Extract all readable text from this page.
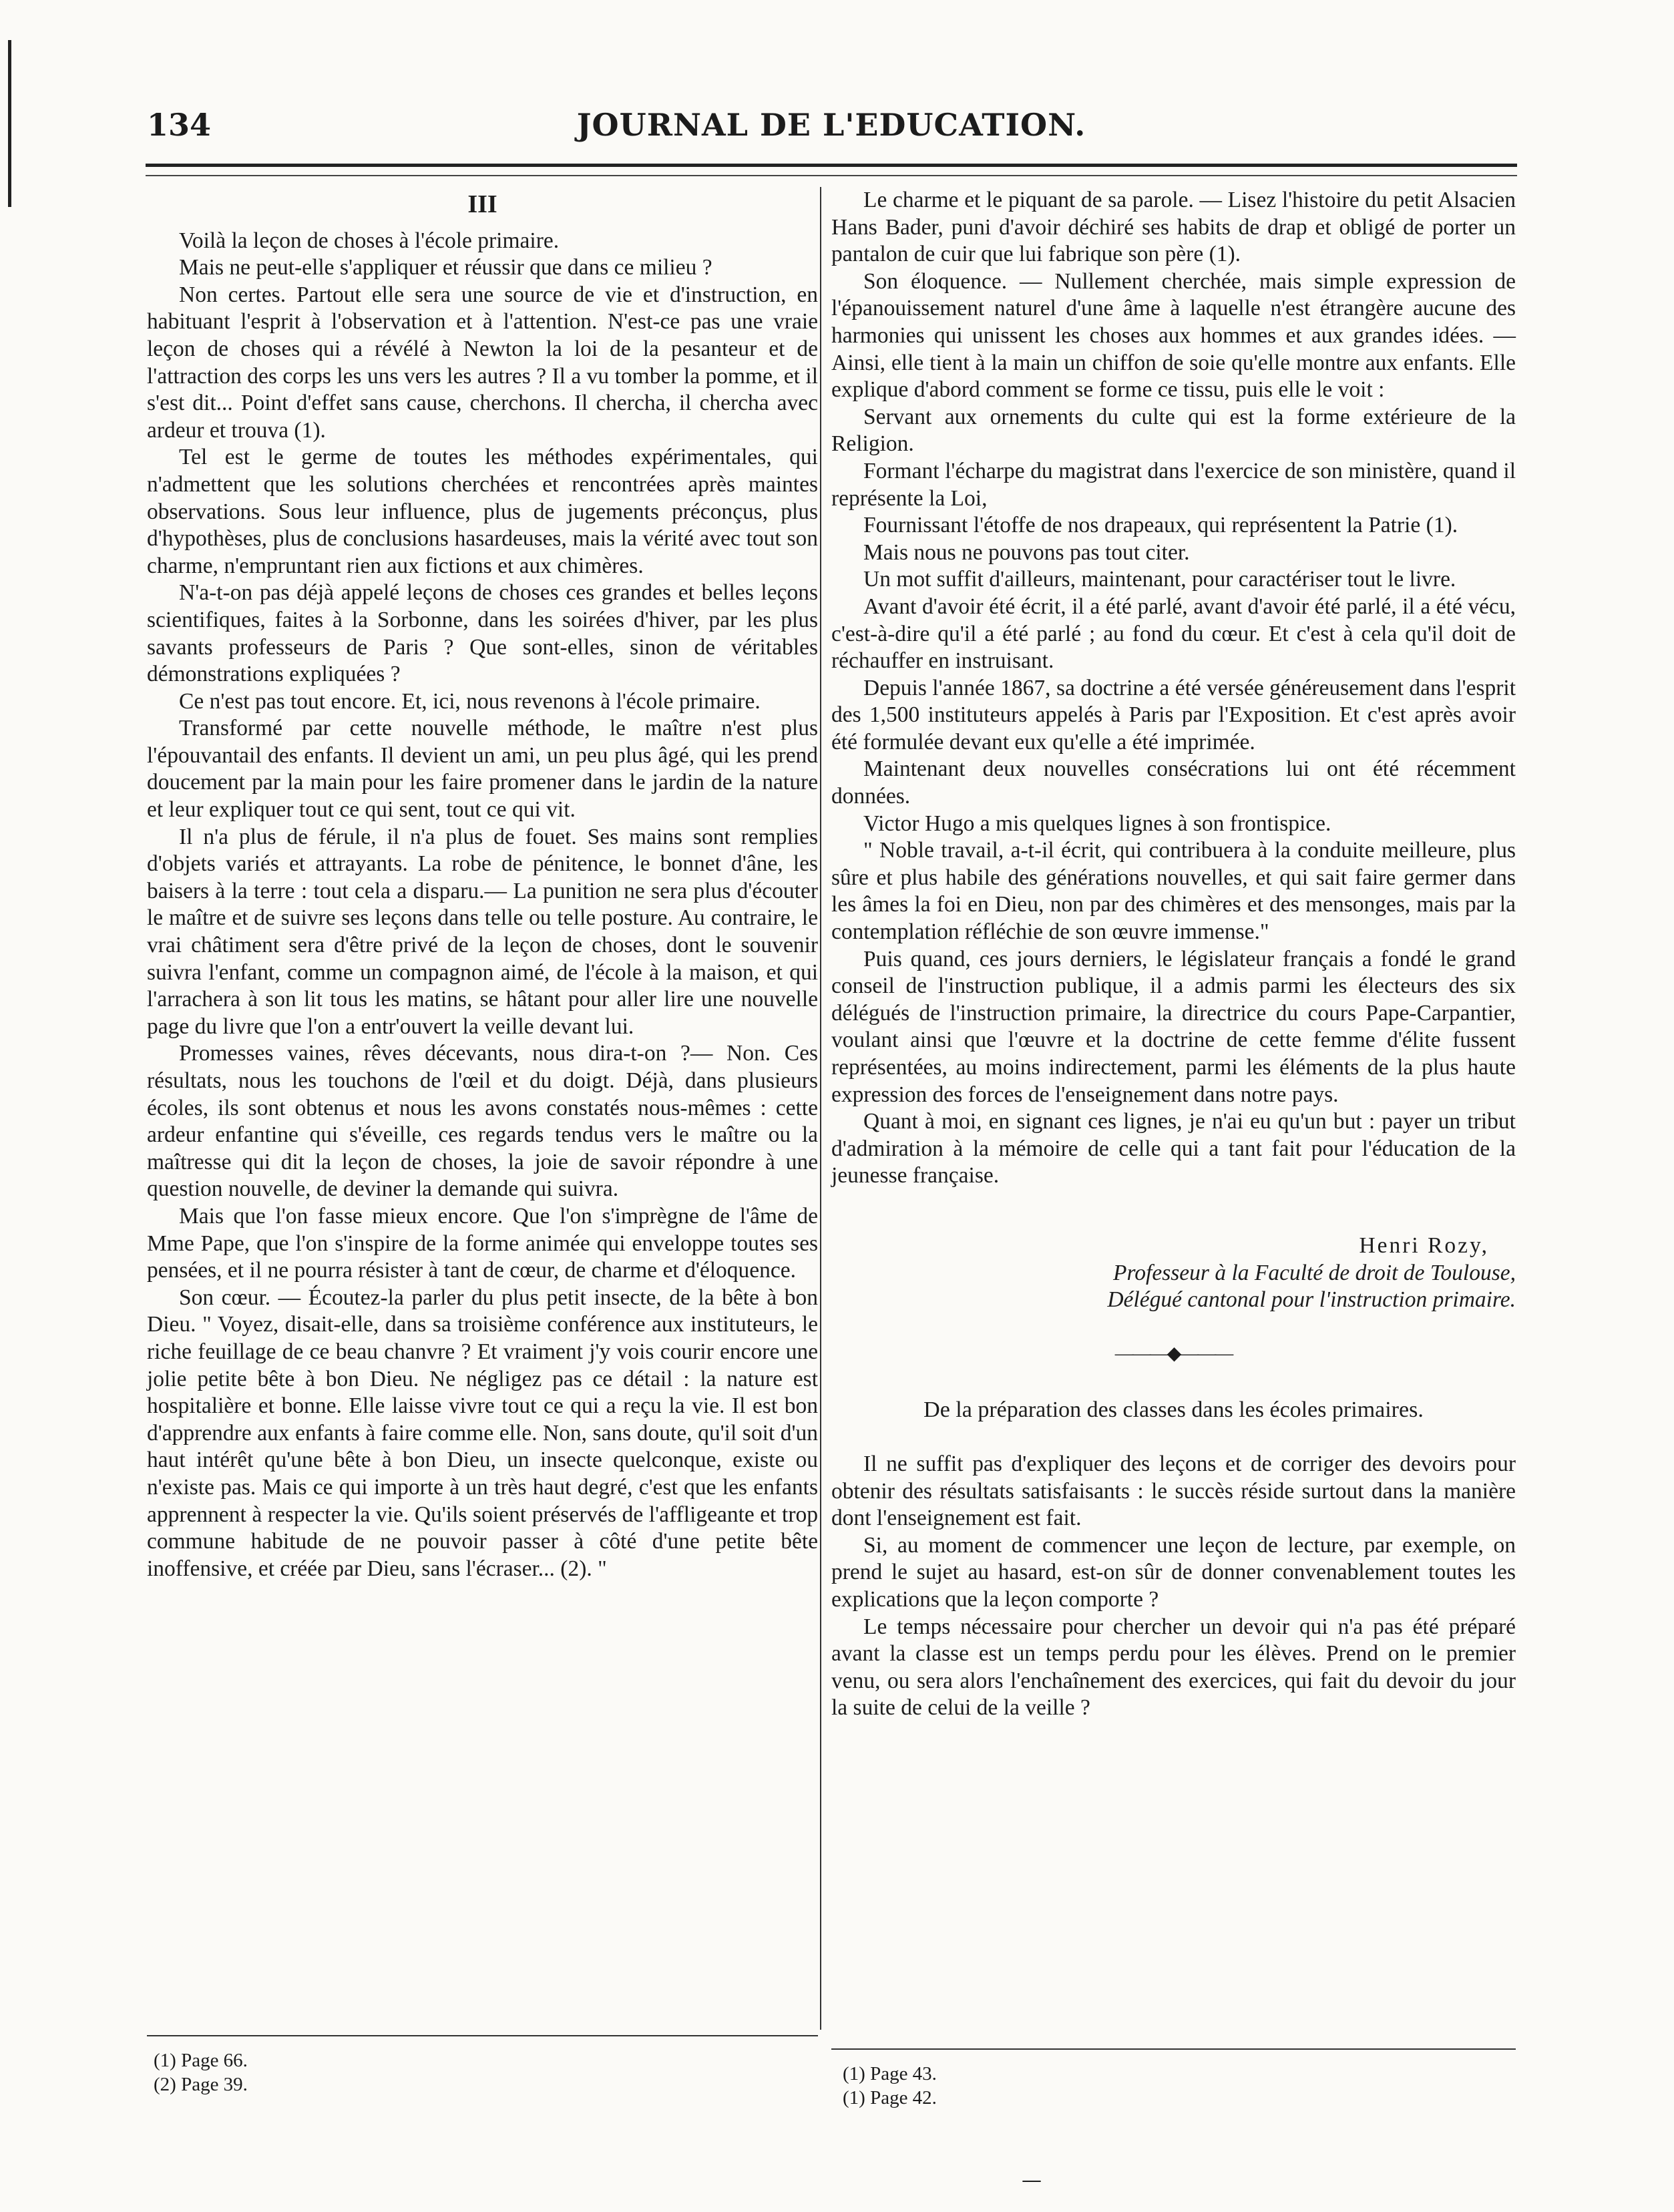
134	JOURNAL DE L'EDUCATION.

III

Voilà la leçon de choses à l'école primaire.

Mais ne peut-elle s'appliquer et réussir que dans ce milieu ?

Non certes. Partout elle sera une source de vie et d'instruction, en habituant l'esprit à l'observation et à l'attention. N'est-ce pas une vraie leçon de choses qui a révélé à Newton la loi de la pesanteur et de l'attraction des corps les uns vers les autres ? Il a vu tomber la pomme, et il s'est dit... Point d'effet sans cause, cherchons. Il chercha, il chercha avec ardeur et trouva (1).

Tel est le germe de toutes les méthodes expérimentales, qui n'admettent que les solutions cherchées et rencontrées après maintes observations. Sous leur influence, plus de jugements préconçus, plus d'hypothèses, plus de conclusions hasardeuses, mais la vérité avec tout son charme, n'empruntant rien aux fictions et aux chimères.

N'a-t-on pas déjà appelé leçons de choses ces grandes et belles leçons scientifiques, faites à la Sorbonne, dans les soirées d'hiver, par les plus savants professeurs de Paris ? Que sont-elles, sinon de véritables démonstrations expliquées ?

Ce n'est pas tout encore. Et, ici, nous revenons à l'école primaire.

Transformé par cette nouvelle méthode, le maître n'est plus l'épouvantail des enfants. Il devient un ami, un peu plus âgé, qui les prend doucement par la main pour les faire promener dans le jardin de la nature et leur expliquer tout ce qui sent, tout ce qui vit.

Il n'a plus de férule, il n'a plus de fouet. Ses mains sont remplies d'objets variés et attrayants. La robe de pénitence, le bonnet d'âne, les baisers à la terre : tout cela a disparu.— La punition ne sera plus d'écouter le maître et de suivre ses leçons dans telle ou telle posture. Au contraire, le vrai châtiment sera d'être privé de la leçon de choses, dont le souvenir suivra l'enfant, comme un compagnon aimé, de l'école à la maison, et qui l'arrachera à son lit tous les matins, se hâtant pour aller lire une nouvelle page du livre que l'on a entr'ouvert la veille devant lui.

Promesses vaines, rêves décevants, nous dira-t-on ?— Non. Ces résultats, nous les touchons de l'œil et du doigt. Déjà, dans plusieurs écoles, ils sont obtenus et nous les avons constatés nous-mêmes : cette ardeur enfantine qui s'éveille, ces regards tendus vers le maître ou la maîtresse qui dit la leçon de choses, la joie de savoir répondre à une question nouvelle, de deviner la demande qui suivra.

Mais que l'on fasse mieux encore. Que l'on s'imprègne de l'âme de Mme Pape, que l'on s'inspire de la forme animée qui enveloppe toutes ses pensées, et il ne pourra résister à tant de cœur, de charme et d'éloquence.

Son cœur. — Écoutez-la parler du plus petit insecte, de la bête à bon Dieu. " Voyez, disait-elle, dans sa troisième conférence aux instituteurs, le riche feuillage de ce beau chanvre ? Et vraiment j'y vois courir encore une jolie petite bête à bon Dieu. Ne négligez pas ce détail : la nature est hospitalière et bonne. Elle laisse vivre tout ce qui a reçu la vie. Il est bon d'apprendre aux enfants à faire comme elle. Non, sans doute, qu'il soit d'un haut intérêt qu'une bête à bon Dieu, un insecte quelconque, existe ou n'existe pas. Mais ce qui importe à un très haut degré, c'est que les enfants apprennent à respecter la vie. Qu'ils soient préservés de l'affligeante et trop commune habitude de ne pouvoir passer à côté d'une petite bête inoffensive, et créée par Dieu, sans l'écraser... (2). "

Le charme et le piquant de sa parole. — Lisez l'histoire du petit Alsacien Hans Bader, puni d'avoir déchiré ses habits de drap et obligé de porter un pantalon de cuir que lui fabrique son père (1).

Son éloquence. — Nullement cherchée, mais simple expression de l'épanouissement naturel d'une âme à laquelle n'est étrangère aucune des harmonies qui unissent les choses aux hommes et aux grandes idées. — Ainsi, elle tient à la main un chiffon de soie qu'elle montre aux enfants. Elle explique d'abord comment se forme ce tissu, puis elle le voit :

Servant aux ornements du culte qui est la forme extérieure de la Religion.

Formant l'écharpe du magistrat dans l'exercice de son ministère, quand il représente la Loi,

Fournissant l'étoffe de nos drapeaux, qui représentent la Patrie (1).

Mais nous ne pouvons pas tout citer.

Un mot suffit d'ailleurs, maintenant, pour caractériser tout le livre.

Avant d'avoir été écrit, il a été parlé, avant d'avoir été parlé, il a été vécu, c'est-à-dire qu'il a été parlé ; au fond du cœur. Et c'est à cela qu'il doit de réchauffer en instruisant.

Depuis l'année 1867, sa doctrine a été versée généreusement dans l'esprit des 1,500 instituteurs appelés à Paris par l'Exposition. Et c'est après avoir été formulée devant eux qu'elle a été imprimée.

Maintenant deux nouvelles consécrations lui ont été récemment données.

Victor Hugo a mis quelques lignes à son frontispice.

" Noble travail, a-t-il écrit, qui contribuera à la conduite meilleure, plus sûre et plus habile des générations nouvelles, et qui sait faire germer dans les âmes la foi en Dieu, non par des chimères et des mensonges, mais par la contemplation réfléchie de son œuvre immense."

Puis quand, ces jours derniers, le législateur français a fondé le grand conseil de l'instruction publique, il a admis parmi les électeurs des six délégués de l'instruction primaire, la directrice du cours Pape-Carpantier, voulant ainsi que l'œuvre et la doctrine de cette femme d'élite fussent représentées, au moins indirectement, parmi les éléments de la plus haute expression des forces de l'enseignement dans notre pays.

Quant à moi, en signant ces lignes, je n'ai eu qu'un but : payer un tribut d'admiration à la mémoire de celle qui a tant fait pour l'éducation de la jeunesse française.

Henri Rozy,

Professeur à la Faculté de droit de Toulouse,

Délégué cantonal pour l'instruction primaire.

———◆———

De la préparation des classes dans les écoles primaires.

Il ne suffit pas d'expliquer des leçons et de corriger des devoirs pour obtenir des résultats satisfaisants : le succès réside surtout dans la manière dont l'enseignement est fait.

Si, au moment de commencer une leçon de lecture, par exemple, on prend le sujet au hasard, est-on sûr de donner convenablement toutes les explications que la leçon comporte ?

Le temps nécessaire pour chercher un devoir qui n'a pas été préparé avant la classe est un temps perdu pour les élèves. Prend on le premier venu, ou sera alors l'enchaînement des exercices, qui fait du devoir du jour la suite de celui de la veille ?

(1) Page 66.
(2) Page 39.	(1) Page 43.
(1) Page 42.
—
